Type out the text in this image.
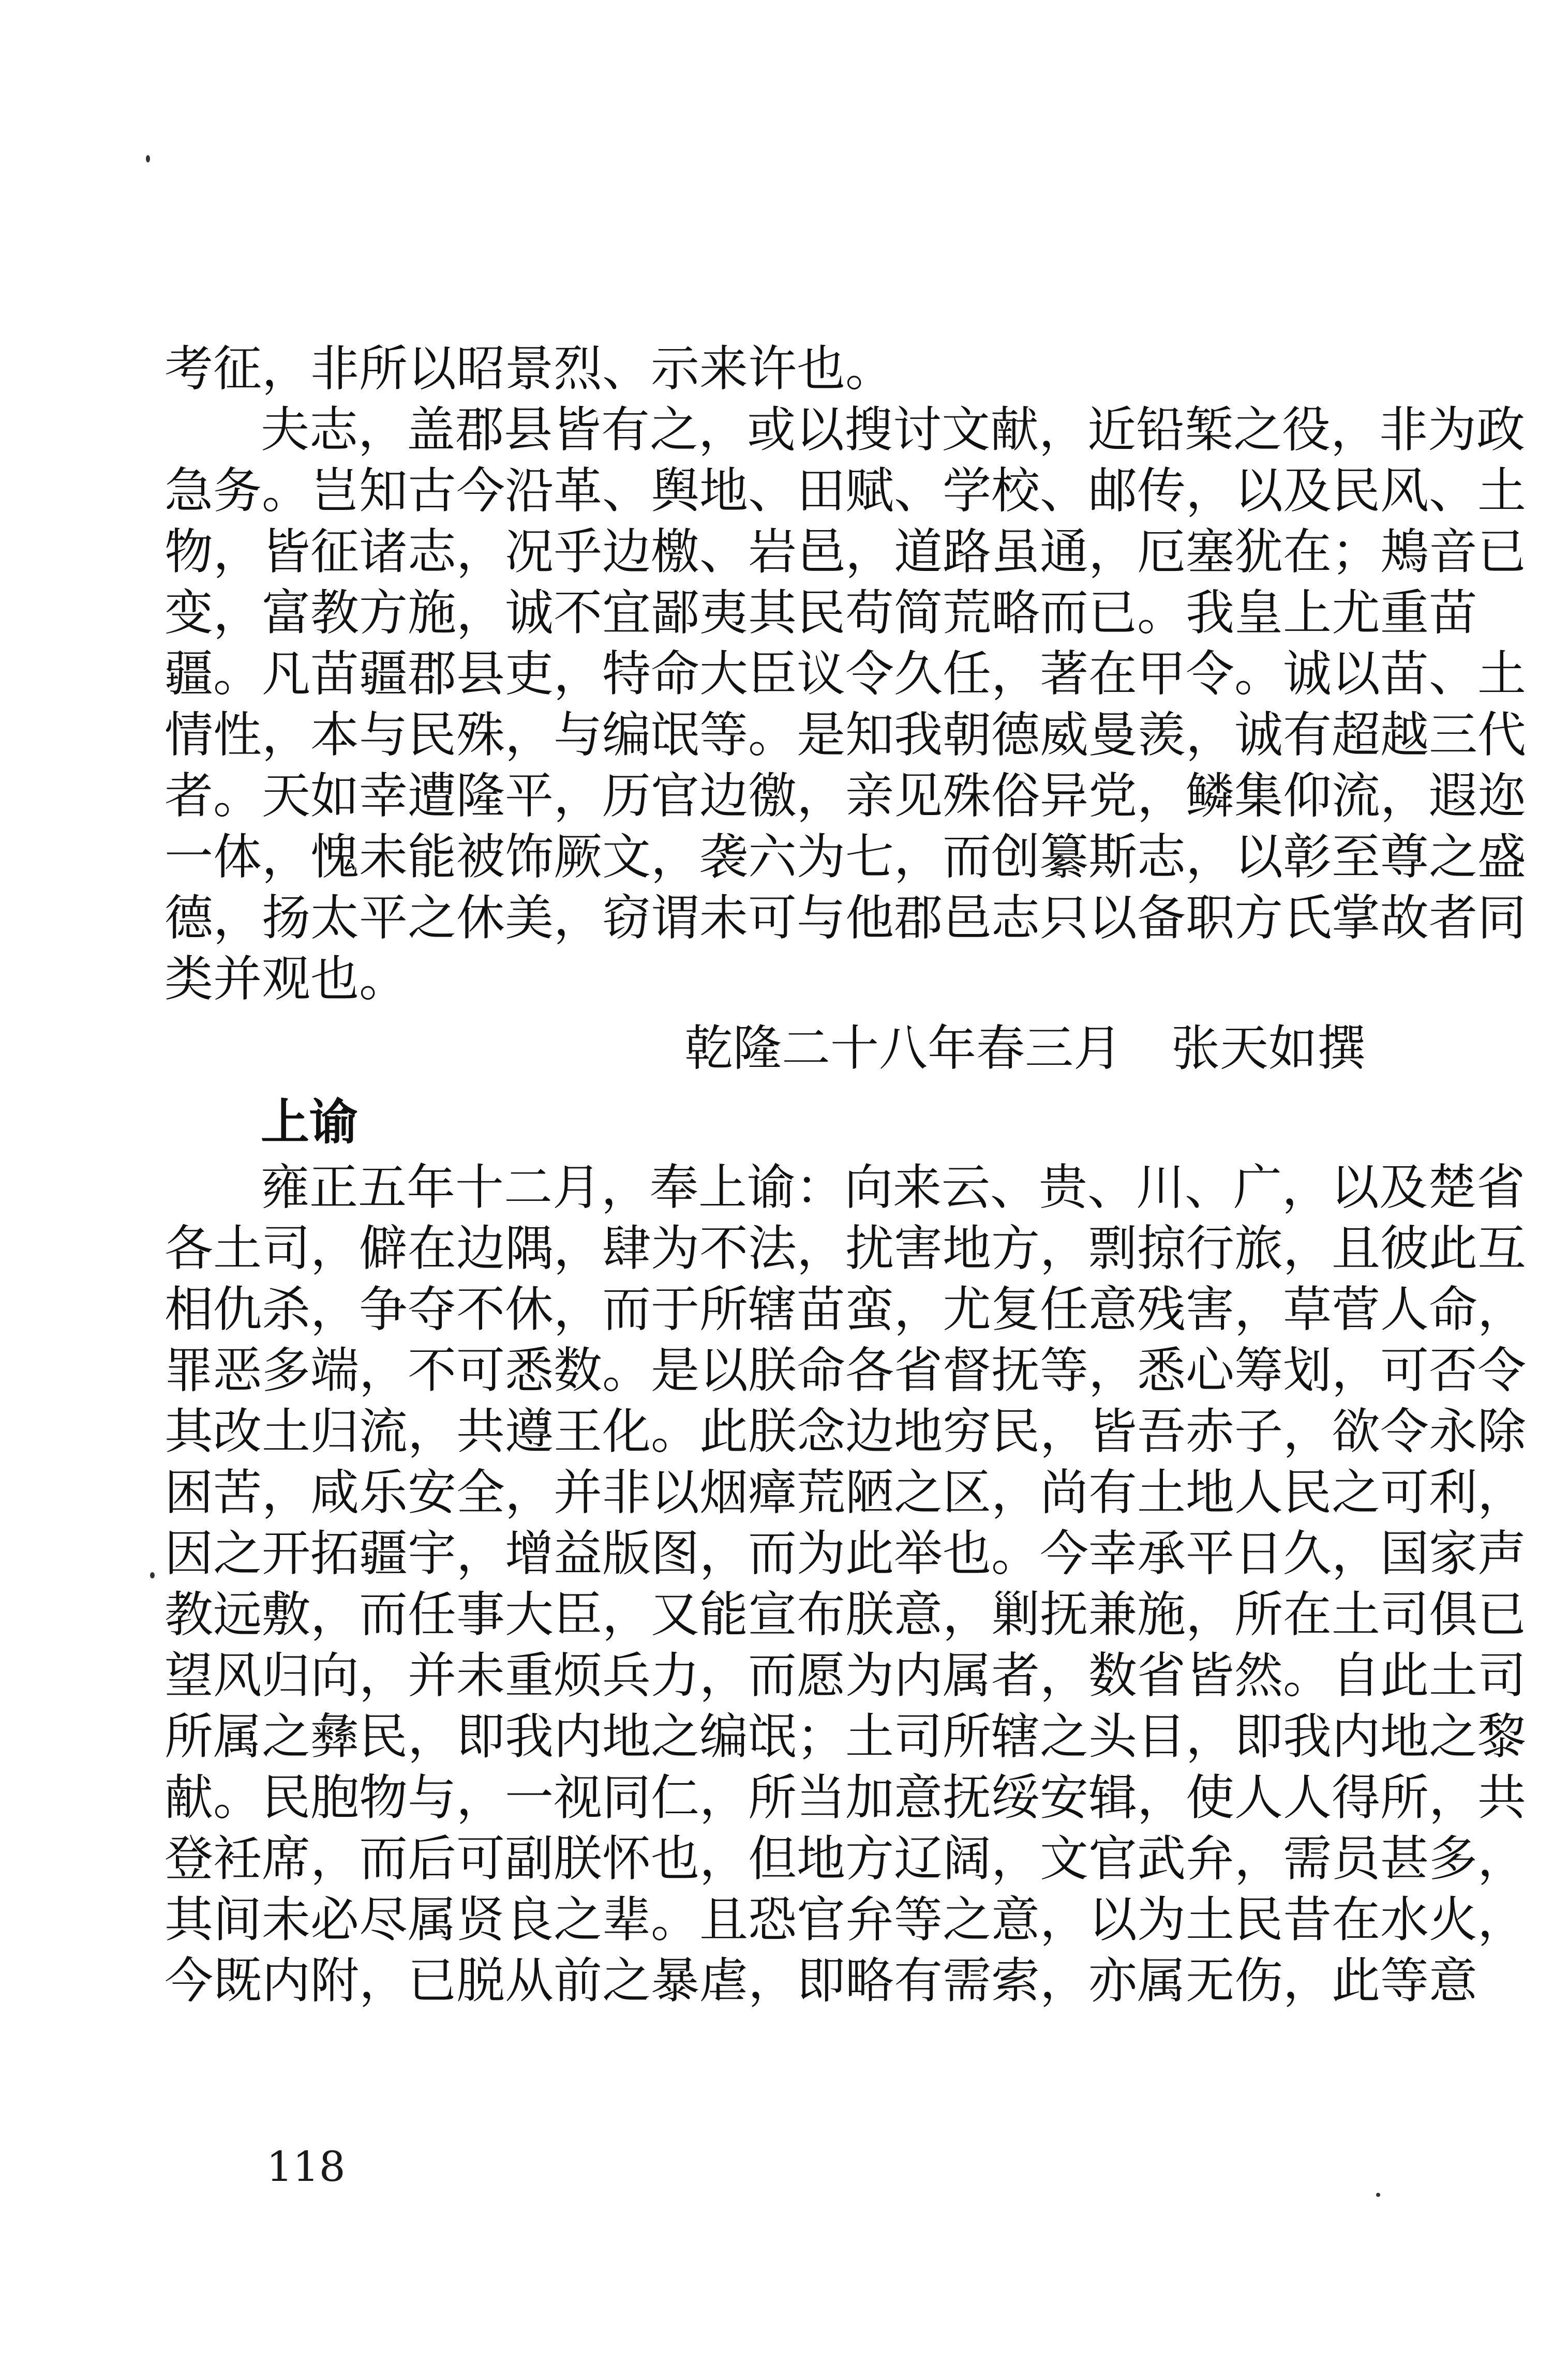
考征，非所以昭景烈、示来许也。
夫志，盖郡县皆有之，或以搜讨文献，近铅椠之役，非为政
急务。岂知古今沿革、舆地、田赋、学校、邮传，以及民风、土
物，皆征诸志，况乎边檄、岩邑，道路虽通，厄塞犹在；鴂音已
变，富教方施，诚不宜鄙夷其民苟简荒略而已。我皇上尤重苗
疆。凡苗疆郡县吏，特命大臣议令久任，著在甲令。诚以苗、土
情性，本与民殊，与编氓等。是知我朝德威曼羡，诚有超越三代
者。天如幸遭隆平，历官边徼，亲见殊俗异党，鳞集仰流，遐迩
一体，愧未能被饰厥文，袭六为七，而创纂斯志，以彰至尊之盛
德，扬太平之休美，窃谓未可与他郡邑志只以备职方氏掌故者同
类并观也。
乾隆二十八年春三月 张天如撰
上谕
雍正五年十二月，奉上谕：向来云、贵、川、广，以及楚省
各土司，僻在边隅，肆为不法，扰害地方，剽掠行旅，且彼此互
相仇杀，争夺不休，而于所辖苗蛮，尤复任意残害，草菅人命，
罪恶多端，不可悉数。是以朕命各省督抚等，悉心筹划，可否令
其改土归流，共遵王化。此朕念边地穷民，皆吾赤子，欲令永除
困苦，咸乐安全，并非以烟瘴荒陋之区，尚有土地人民之可利，
因之开拓疆宇，增益版图，而为此举也。今幸承平日久，国家声
教远敷，而任事大臣，又能宣布朕意，剿抚兼施，所在土司俱已
望风归向，并未重烦兵力，而愿为内属者，数省皆然。自此土司
所属之彝民，即我内地之编氓；土司所辖之头目，即我内地之黎
献。民胞物与，一视同仁，所当加意抚绥安辑，使人人得所，共
登衽席，而后可副朕怀也，但地方辽阔，文官武弁，需员甚多，
其间未必尽属贤良之辈。且恐官弁等之意，以为土民昔在水火，
今既内附，已脱从前之暴虐，即略有需索，亦属无伤，此等意
118
